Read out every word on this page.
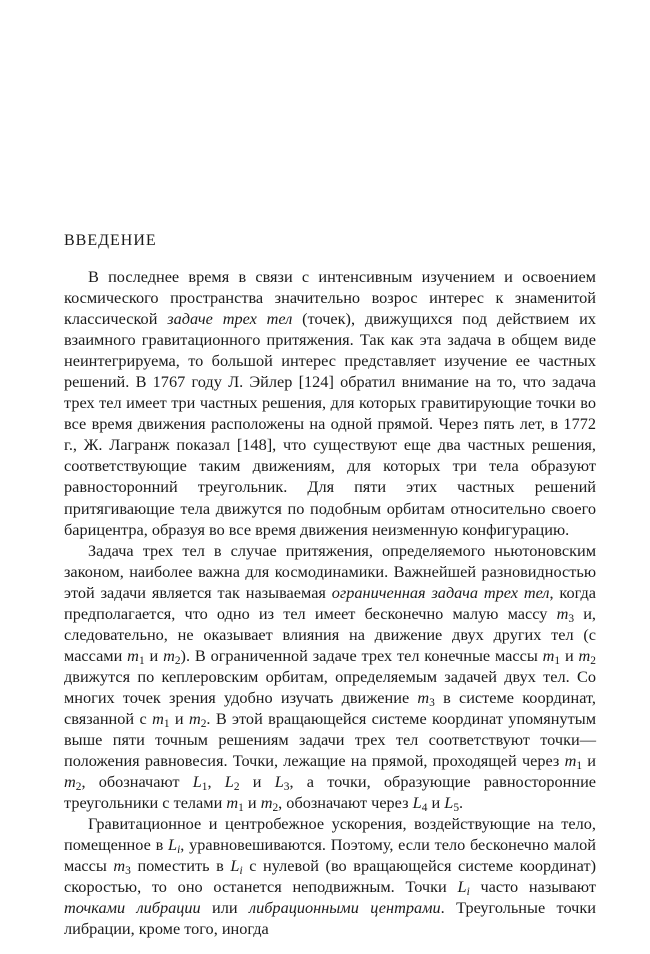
ВВЕДЕНИЕ

В последнее время в связи с интенсивным изучением и освоением космического пространства значительно возрос интерес к знаменитой классической задаче трех тел (точек), движущихся под действием их взаимного гравитационного притяжения. Так как эта задача в общем виде неинтегрируема, то большой интерес представляет изучение ее частных решений. В 1767 году Л. Эйлер [124] обратил внимание на то, что задача трех тел имеет три частных решения, для которых гравитирующие точки во все время движения расположены на одной прямой. Через пять лет, в 1772 г., Ж. Лагранж показал [148], что существуют еще два частных решения, соответствующие таким движениям, для которых три тела образуют равносторонний треугольник. Для пяти этих частных решений притягивающие тела движутся по подобным орбитам относительно своего барицентра, образуя во все время движения неизменную конфигурацию.

Задача трех тел в случае притяжения, определяемого ньютоновским законом, наиболее важна для космодинамики. Важнейшей разновидностью этой задачи является так называемая ограниченная задача трех тел, когда предполагается, что одно из тел имеет бесконечно малую массу $m_3$ и, следовательно, не оказывает влияния на движение двух других тел (с массами $m_1$ и $m_2$). В ограниченной задаче трех тел конечные массы $m_1$ и $m_2$ движутся по кеплеровским орбитам, определяемым задачей двух тел. Со многих точек зрения удобно изучать движение $m_3$ в системе координат, связанной с $m_1$ и $m_2$. В этой вращающейся системе координат упомянутым выше пяти точным решениям задачи трех тел соответствуют точки— положения равновесия. Точки, лежащие на прямой, проходящей через $m_1$ и $m_2$, обозначают $L_1$, $L_2$ и $L_3$, а точки, образующие равносторонние треугольники с телами $m_1$ и $m_2$, обозначают через $L_4$ и $L_5$.

Гравитационное и центробежное ускорения, воздействующие на тело, помещенное в $L_i$, уравновешиваются. Поэтому, если тело бесконечно малой массы $m_3$ поместить в $L_i$ с нулевой (во вращающейся системе координат) скоростью, то оно останется неподвижным. Точки $L_i$ часто называют точками либрации или либрационными центрами. Треугольные точки либрации, кроме того, иногда
